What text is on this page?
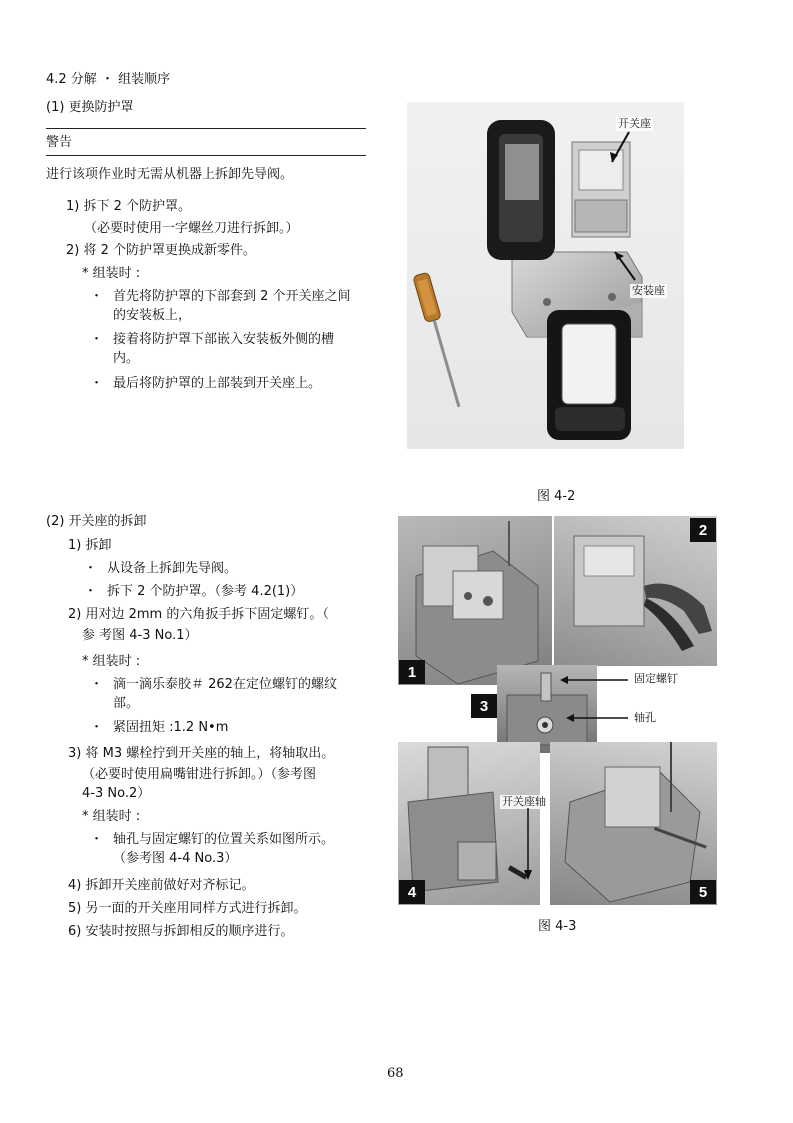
4.2 分解 ・ 组装顺序
(1) 更换防护罩
警告
进行该项作业时无需从机器上拆卸先导阀。
1) 拆下 2 个防护罩。
（必要时使用一字螺丝刀进行拆卸。）
2) 将 2 个防护罩更换成新零件。
* 组装时 :
・ 首先将防护罩的下部套到 2 个开关座之间
的安装板上，
・ 接着将防护罩下部嵌入安装板外侧的槽
内。
・ 最后将防护罩的上部装到开关座上。
开关座
安装座
图 4-2
(2) 开关座的拆卸
1) 拆卸
・ 从设备上拆卸先导阀。
・ 拆下 2 个防护罩。（参考 4.2(1)）
2) 用对边 2mm 的六角扳手拆下固定螺钉。（
参 考图 4-3 No.1）
* 组装时 :
・ 滴一滴乐泰胶＃ 262在定位螺钉的螺纹
部。
・ 紧固扭矩 :1.2 N•m
3) 将 M3 螺栓拧到开关座的轴上，将轴取出。
（必要时使用扁嘴钳进行拆卸。）（参考图
4-3 No.2）
* 组装时 :
・ 轴孔与固定螺钉的位置关系如图所示。
（参考图 4-4 No.3）
4) 拆卸开关座前做好对齐标记。
5) 另一面的开关座用同样方式进行拆卸。
6) 安装时按照与拆卸相反的顺序进行。
1
2
3
固定螺钉
轴孔
4
开关座轴
5
图 4-3
68
